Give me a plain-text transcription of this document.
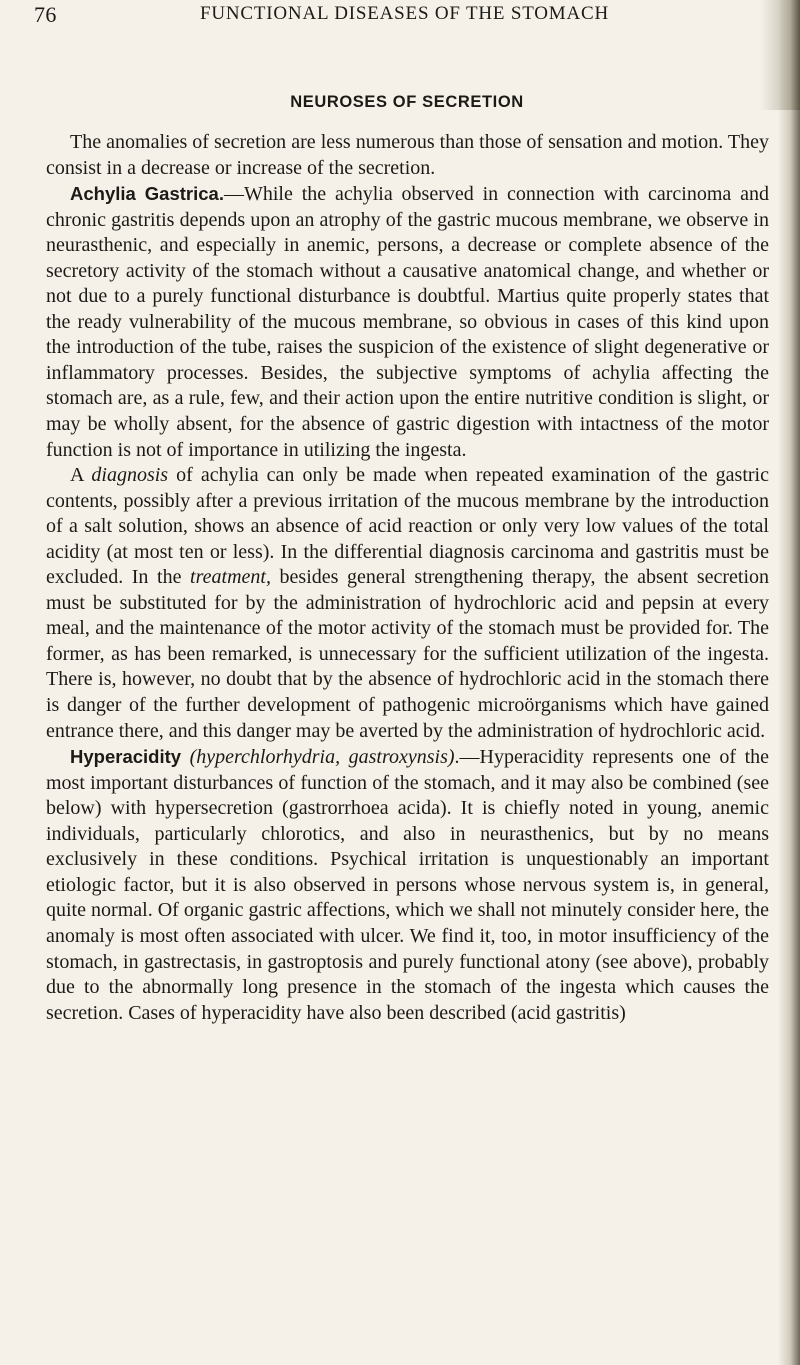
76	FUNCTIONAL DISEASES OF THE STOMACH
NEUROSES OF SECRETION

The anomalies of secretion are less numerous than those of sensation and motion. They consist in a decrease or increase of the secretion.

Achylia Gastrica.—While the achylia observed in connection with carcinoma and chronic gastritis depends upon an atrophy of the gastric mucous membrane, we observe in neurasthenic, and especially in anemic, persons, a decrease or complete absence of the secretory activity of the stomach without a causative anatomical change, and whether or not due to a purely functional disturbance is doubtful. Martius quite properly states that the ready vulnerability of the mucous membrane, so obvious in cases of this kind upon the introduction of the tube, raises the suspicion of the existence of slight degenerative or inflammatory processes. Besides, the subjective symptoms of achylia affecting the stomach are, as a rule, few, and their action upon the entire nutritive condition is slight, or may be wholly absent, for the absence of gastric digestion with intactness of the motor function is not of importance in utilizing the ingesta.

A diagnosis of achylia can only be made when repeated examination of the gastric contents, possibly after a previous irritation of the mucous membrane by the introduction of a salt solution, shows an absence of acid reaction or only very low values of the total acidity (at most ten or less). In the differential diagnosis carcinoma and gastritis must be excluded. In the treatment, besides general strengthening therapy, the absent secretion must be substituted for by the administration of hydrochloric acid and pepsin at every meal, and the maintenance of the motor activity of the stomach must be provided for. The former, as has been remarked, is unnecessary for the sufficient utilization of the ingesta. There is, however, no doubt that by the absence of hydrochloric acid in the stomach there is danger of the further development of pathogenic microörganisms which have gained entrance there, and this danger may be averted by the administration of hydrochloric acid.

Hyperacidity (hyperchlorhydria, gastroxynsis).—Hyperacidity represents one of the most important disturbances of function of the stomach, and it may also be combined (see below) with hypersecretion (gastrorrhoea acida). It is chiefly noted in young, anemic individuals, particularly chlorotics, and also in neurasthenics, but by no means exclusively in these conditions. Psychical irritation is unquestionably an important etiologic factor, but it is also observed in persons whose nervous system is, in general, quite normal. Of organic gastric affections, which we shall not minutely consider here, the anomaly is most often associated with ulcer. We find it, too, in motor insufficiency of the stomach, in gastrectasis, in gastroptosis and purely functional atony (see above), probably due to the abnormally long presence in the stomach of the ingesta which causes the secretion. Cases of hyperacidity have also been described (acid gastritis)
